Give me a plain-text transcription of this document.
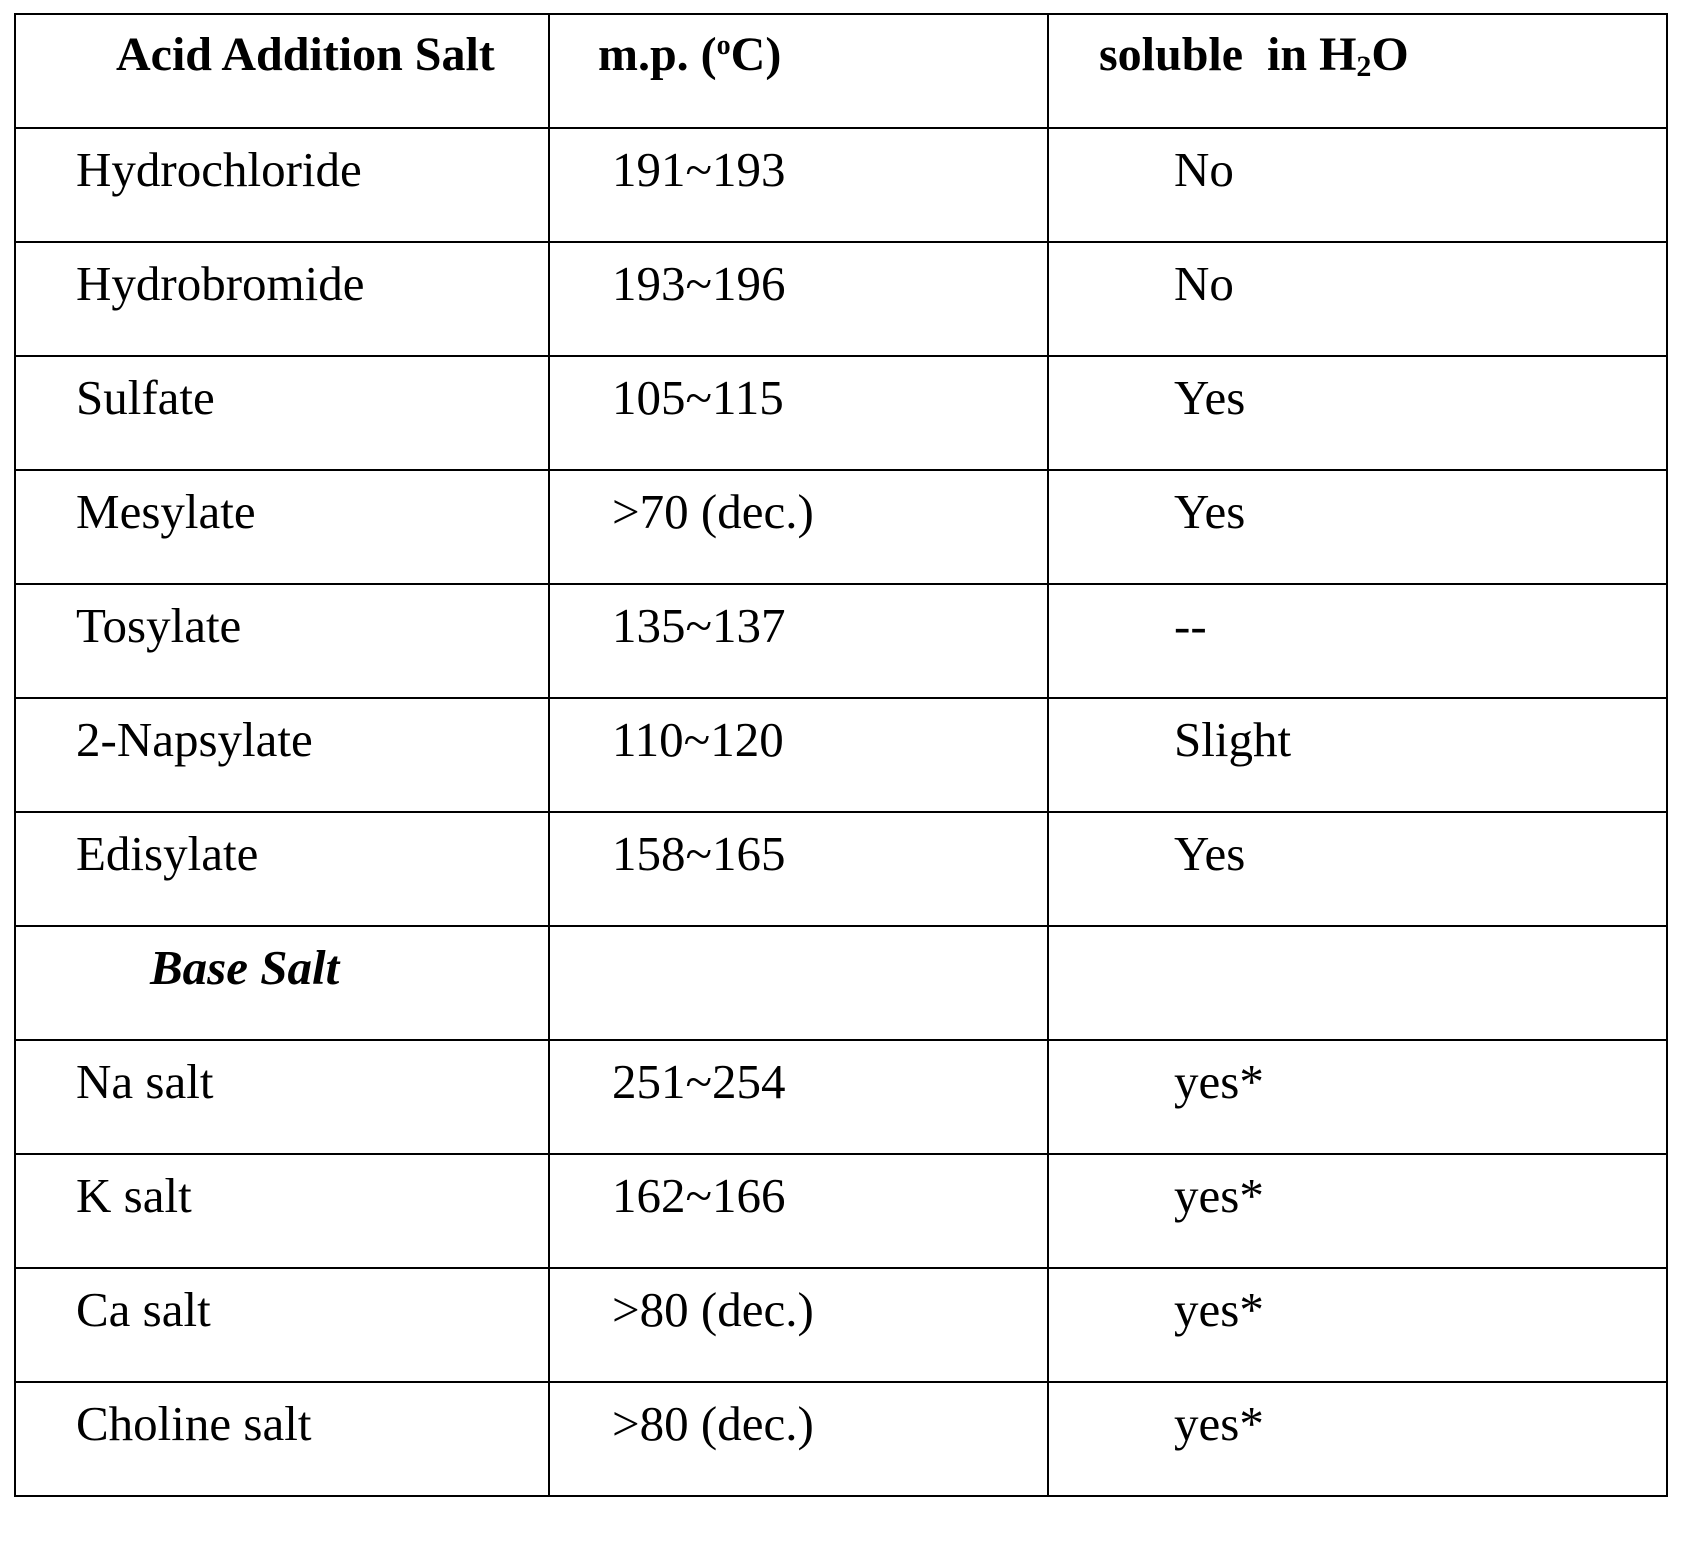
Acid Addition Salt	m.p. (oC)	soluble  in H2O

Hydrochloride	191~193	No

Hydrobromide	193~196	No

Sulfate	105~115	Yes

Mesylate	>70 (dec.)	Yes

Tosylate	135~137	--

2-Napsylate	110~120	Slight

Edisylate	158~165	Yes

Base Salt

Na salt	251~254	yes*

K salt	162~166	yes*

Ca salt	>80 (dec.)	yes*

Choline salt	>80 (dec.)	yes*
